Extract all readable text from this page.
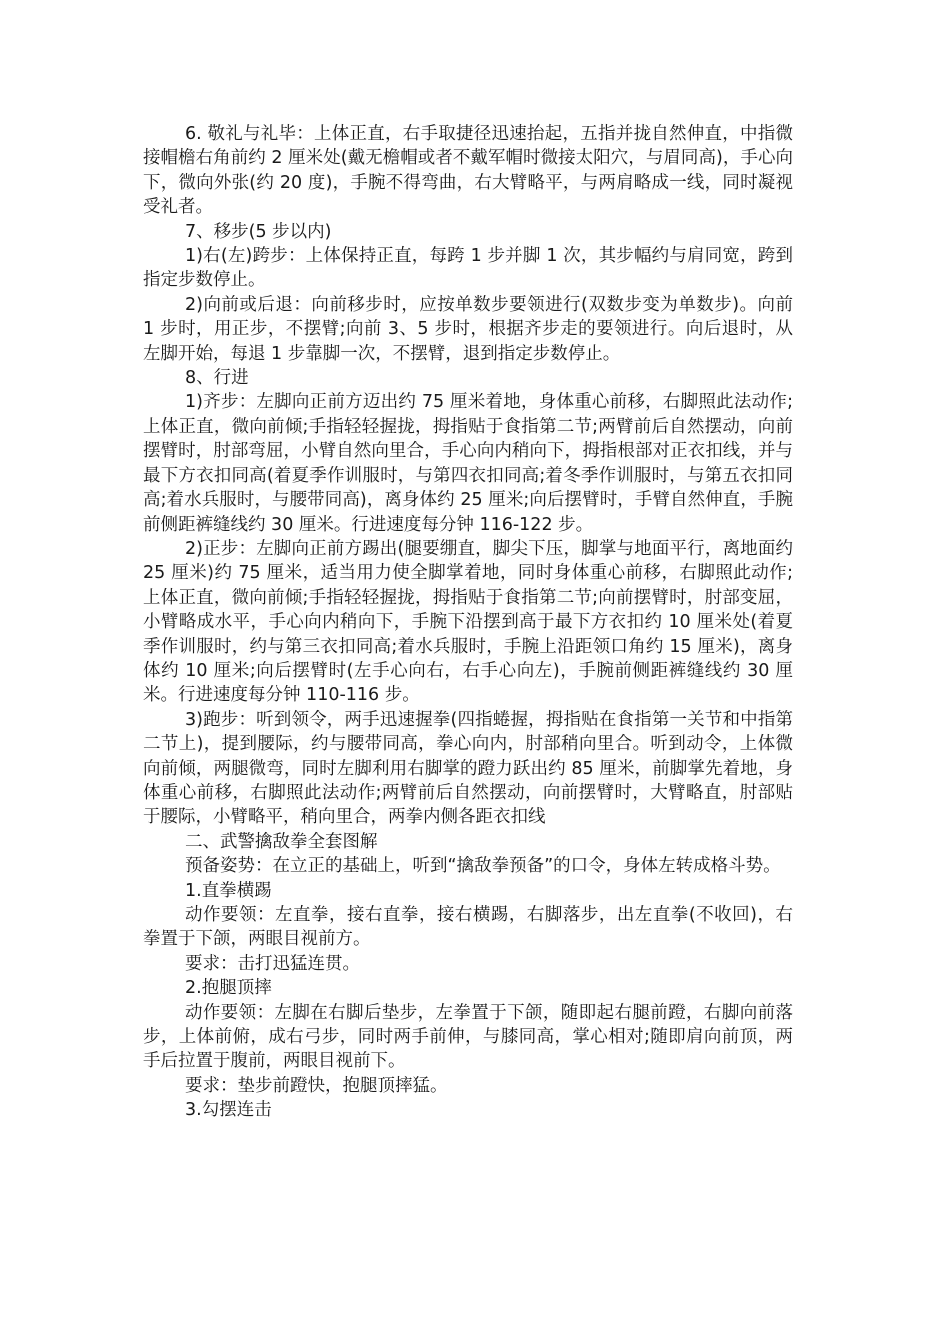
6. 敬礼与礼毕：上体正直，右手取捷径迅速抬起，五指并拢自然伸直，中指微接帽檐右角前约 2 厘米处(戴无檐帽或者不戴军帽时微接太阳穴，与眉同高)，手心向下，微向外张(约 20 度)，手腕不得弯曲，右大臂略平，与两肩略成一线，同时凝视受礼者。

7、移步(5 步以内)

1)右(左)跨步：上体保持正直，每跨 1 步并脚 1 次，其步幅约与肩同宽，跨到指定步数停止。

2)向前或后退：向前移步时，应按单数步要领进行(双数步变为单数步)。向前 1 步时，用正步，不摆臂;向前 3、5 步时，根据齐步走的要领进行。向后退时，从左脚开始，每退 1 步靠脚一次，不摆臂，退到指定步数停止。

8、行进

1)齐步：左脚向正前方迈出约 75 厘米着地，身体重心前移，右脚照此法动作;上体正直，微向前倾;手指轻轻握拢，拇指贴于食指第二节;两臂前后自然摆动，向前摆臂时，肘部弯屈，小臂自然向里合，手心向内稍向下，拇指根部对正衣扣线，并与最下方衣扣同高(着夏季作训服时，与第四衣扣同高;着冬季作训服时，与第五衣扣同高;着水兵服时，与腰带同高)，离身体约 25 厘米;向后摆臂时，手臂自然伸直，手腕前侧距裤缝线约 30 厘米。行进速度每分钟 116-122 步。

2)正步：左脚向正前方踢出(腿要绷直，脚尖下压，脚掌与地面平行，离地面约 25 厘米)约 75 厘米，适当用力使全脚掌着地，同时身体重心前移，右脚照此动作;上体正直，微向前倾;手指轻轻握拢，拇指贴于食指第二节;向前摆臂时，肘部变屈，小臂略成水平，手心向内稍向下，手腕下沿摆到高于最下方衣扣约 10 厘米处(着夏季作训服时，约与第三衣扣同高;着水兵服时，手腕上沿距领口角约 15 厘米)，离身体约 10 厘米;向后摆臂时(左手心向右，右手心向左)，手腕前侧距裤缝线约 30 厘米。行进速度每分钟 110-116 步。

3)跑步：听到领令，两手迅速握拳(四指蜷握，拇指贴在食指第一关节和中指第二节上)，提到腰际，约与腰带同高，拳心向内，肘部稍向里合。听到动令，上体微向前倾，两腿微弯，同时左脚利用右脚掌的蹬力跃出约 85 厘米，前脚掌先着地，身体重心前移，右脚照此法动作;两臂前后自然摆动，向前摆臂时，大臂略直，肘部贴于腰际，小臂略平，稍向里合，两拳内侧各距衣扣线

二、武警擒敌拳全套图解

预备姿势：在立正的基础上，听到“擒敌拳预备”的口令，身体左转成格斗势。

1.直拳横踢

动作要领：左直拳，接右直拳，接右横踢，右脚落步，出左直拳(不收回)，右拳置于下颌，两眼目视前方。

要求：击打迅猛连贯。

2.抱腿顶摔

动作要领：左脚在右脚后垫步，左拳置于下颌，随即起右腿前蹬，右脚向前落步，上体前俯，成右弓步，同时两手前伸，与膝同高，掌心相对;随即肩向前顶，两手后拉置于腹前，两眼目视前下。

要求：垫步前蹬快，抱腿顶摔猛。

3.勾摆连击
